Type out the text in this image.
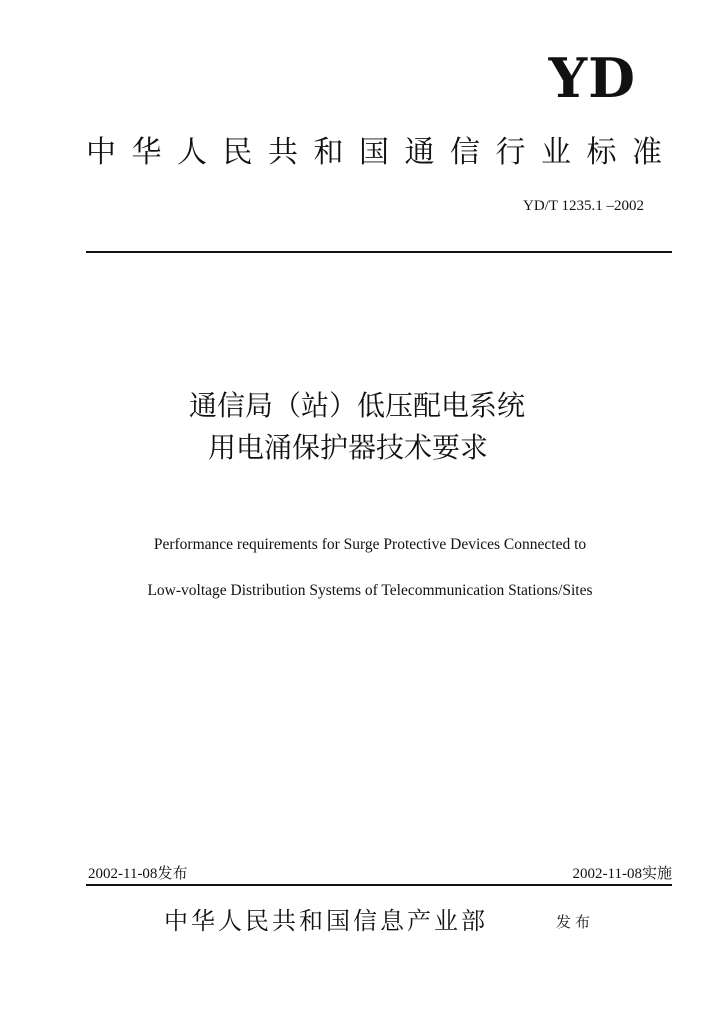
YD
中华人民共和国通信行业标准
YD/T 1235.1 –2002
通信局（站）低压配电系统
用电涌保护器技术要求
Performance requirements for Surge Protective Devices Connected to
Low-voltage Distribution Systems of Telecommunication Stations/Sites
2002-11-08发布	2002-11-08实施
中华人民共和国信息产业部	发布
